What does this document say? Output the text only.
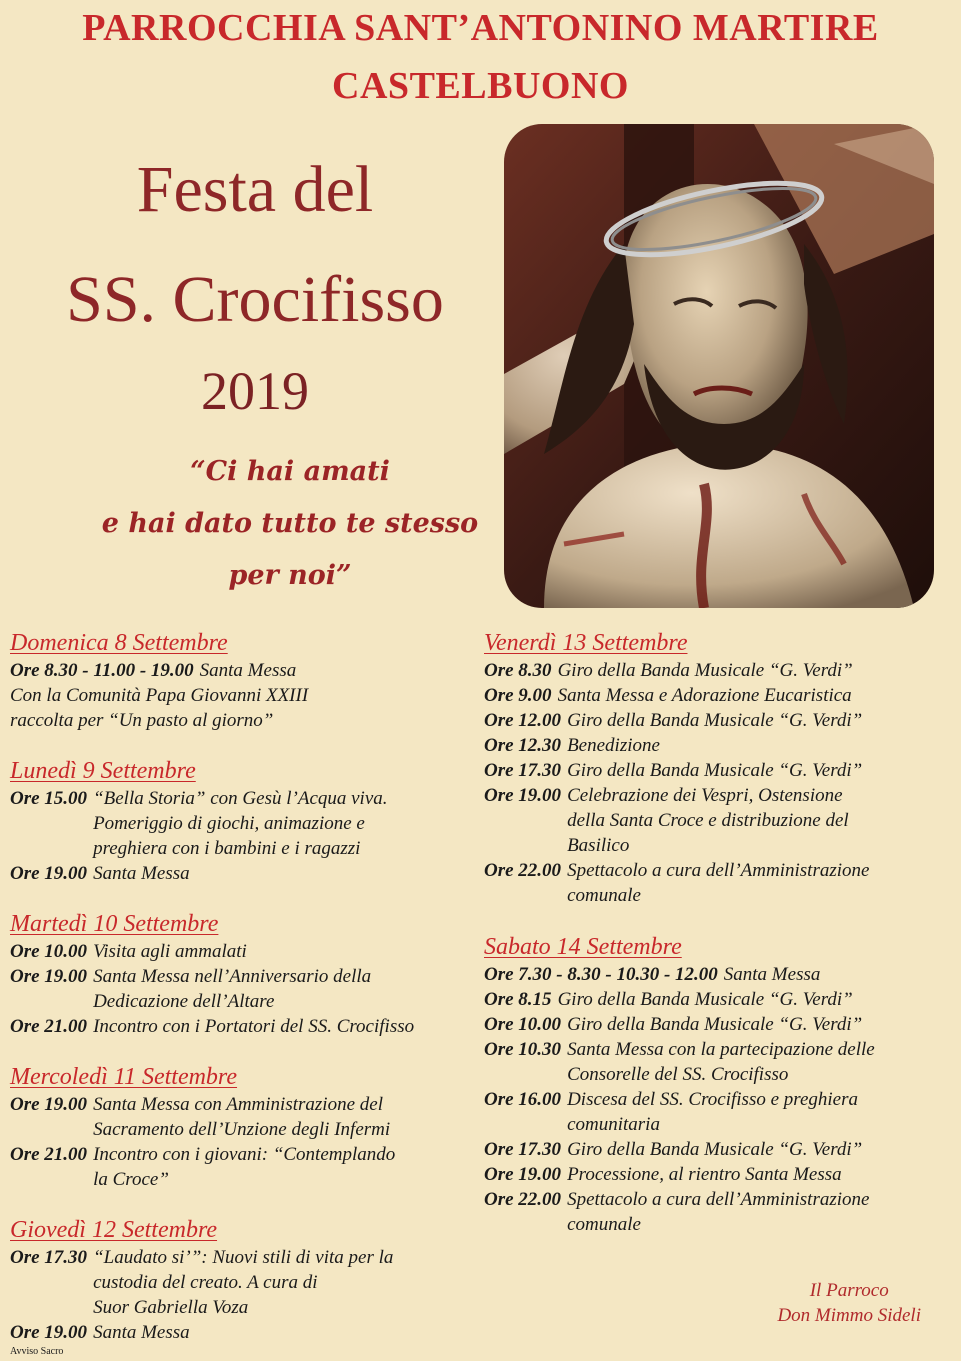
PARROCCHIA SANT’ANTONINO MARTIRE
CASTELBUONO
Festa del
SS. Crocifisso
2019
“Ci hai amati
e hai dato tutto te stesso
per noi”
Domenica 8 Settembre
Ore 8.30 - 11.00 - 19.00 Santa Messa
Con la Comunità Papa Giovanni XXIII
raccolta per “Un pasto al giorno”
Lunedì 9 Settembre
Ore 15.00 “Bella Storia” con Gesù l’Acqua viva.
Pomeriggio di giochi, animazione e
preghiera con i bambini e i ragazzi
Ore 19.00 Santa Messa
Martedì 10 Settembre
Ore 10.00 Visita agli ammalati
Ore 19.00 Santa Messa nell’Anniversario della
Dedicazione dell’Altare
Ore 21.00 Incontro con i Portatori del SS. Crocifisso
Mercoledì 11 Settembre
Ore 19.00 Santa Messa con Amministrazione del
Sacramento dell’Unzione degli Infermi
Ore 21.00 Incontro con i giovani: “Contemplando
la Croce”
Giovedì 12 Settembre
Ore 17.30 “Laudato si’”: Nuovi stili di vita per la
custodia del creato. A cura di
Suor Gabriella Voza
Ore 19.00 Santa Messa
Venerdì 13 Settembre
Ore 8.30 Giro della Banda Musicale “G. Verdi”
Ore 9.00 Santa Messa e Adorazione Eucaristica
Ore 12.00 Giro della Banda Musicale “G. Verdi”
Ore 12.30 Benedizione
Ore 17.30 Giro della Banda Musicale “G. Verdi”
Ore 19.00 Celebrazione dei Vespri, Ostensione
della Santa Croce e distribuzione del
Basilico
Ore 22.00 Spettacolo a cura dell’Amministrazione
comunale
Sabato 14 Settembre
Ore 7.30 - 8.30 - 10.30 - 12.00 Santa Messa
Ore 8.15 Giro della Banda Musicale “G. Verdi”
Ore 10.00 Giro della Banda Musicale “G. Verdi”
Ore 10.30 Santa Messa con la partecipazione delle
Consorelle del SS. Crocifisso
Ore 16.00 Discesa del SS. Crocifisso e preghiera
comunitaria
Ore 17.30 Giro della Banda Musicale “G. Verdi”
Ore 19.00 Processione, al rientro Santa Messa
Ore 22.00 Spettacolo a cura dell’Amministrazione
comunale
Il Parroco
Don Mimmo Sideli
Avviso Sacro
